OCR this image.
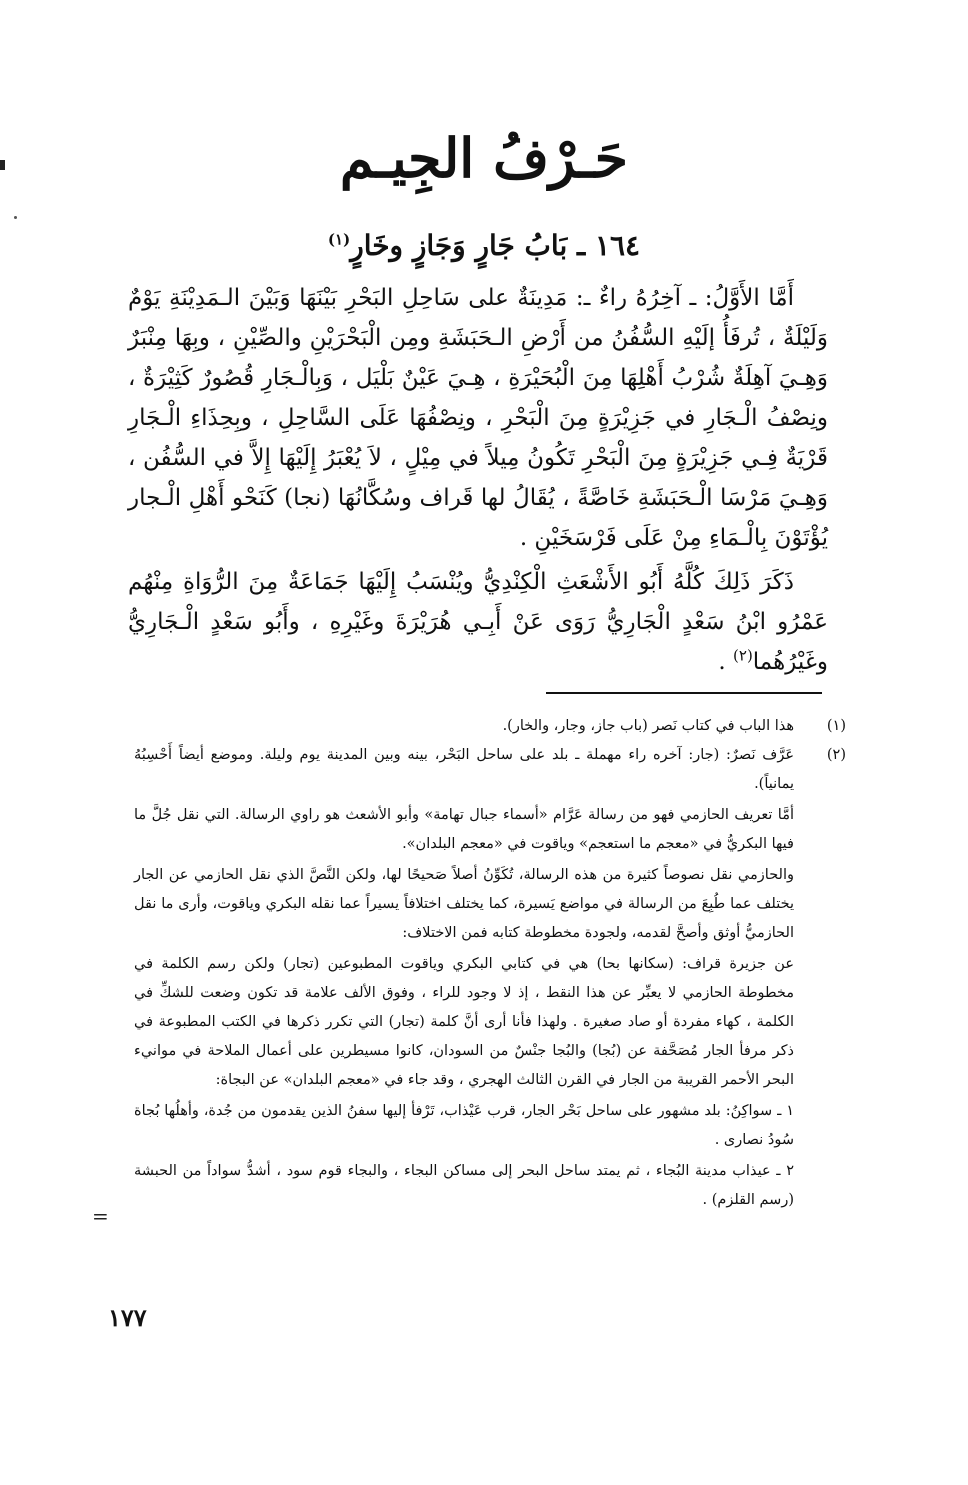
=
حَـرْفُ الجِيـم
١٦٤ ـ بَابُ جَارٍ وَجَازٍ وخَارٍ$^{(١)}$

أَمَّا الأَوَّلُ: ـ آخِرُهُ راءٌ ـ: مَدِينَةٌ على سَاحِلِ البَحْرِ بَيْنَهَا وَبَيْنَ الـمَدِيْنَةِ يَوْمٌ وَلَيْلَةٌ ، تُرفَأُ إلَيْهِ السُّفُنُ من أَرْضِ الـحَبَشَةِ ومِن الْبَحْرَيْنِ والصِّيْنِ ، وبِهَا مِنْبَرٌ وَهِـيَ آهِلَةٌ شُرْبُ أَهْلِهَا مِنَ الْبُحَيْرَةِ ، هِـيَ عَيْنٌ بَلْيَل ، وَبِالْـجَارِ قُصُورٌ كَثِيْرَةٌ ، ونِصْفُ الْـجَارِ في جَزِيْرَةٍ مِنَ الْبَحْرِ ، ونِصْفُهَا عَلَى السَّاحِلِ ، وبِحِذَاءِ الْـجَارِ قَرْيَةٌ فِـي جَزِيْرَةٍ مِنَ الْبَحْرِ تَكُونُ مِيلاً في مِيْلٍ ، لاَ يُعْبَرُ إِلَيْهَا إِلاَّ في السُّفُن ، وَهِـيَ مَرْسَا الْـحَبَشَةِ خَاصَّةً ، يُقَالُ لها قَراف وسُكَّانُهَا (نجا) كَنَحْو أَهْلِ الْـجار يُؤْتَوْنَ بِالْـمَاءِ مِنْ عَلَى فَرْسَخَيْنِ .

ذَكَرَ ذَلِكَ كُلَّهُ أَبُو الأَشْعَثِ الْكِنْدِيُّ ويُنْسَبُ إِلَيْهَا جَمَاعَةٌ مِنَ الرُّوَاةِ مِنْهُم عَمْرُو ابْنُ سَعْدٍ الْجَارِيُّ رَوَى عَنْ أَبِـي هُرَيْرَةَ وغَيْرِهِ ، وأَبُو سَعْدٍ الْـجَارِيُّ وغَيْرُهُما$^{(٢)}$ .

(١)
هذا الباب في كتاب نَصر (باب جاز، وجار، والخار).
(٢)
عَرَّف نَصرٌ: (جار: آخره راء مهملة ـ بلد على ساحل البَحْر، بينه وبين المدينة يوم وليلة. وموضع أيضاً أَحْسِبُهُ يمانياً).

أمَّا تعريف الحازمي فهو من رسالة عَرَّام «أسماء جبال تهامة» وأبو الأشعث هو راوي الرسالة. التي نقل جُلَّ ما فيها البكريُّ في «معجم ما استعجم» وياقوت في «معجم البلدان».

والحازمي نقل نصوصاً كثيرة من هذه الرسالة، تُكَوِّنُ أصلاً صَحيحًا لها، ولكن النَّصَّ الذي نقل الحازمي عن الجار يختلف عما طُبِعَ من الرسالة في مواضع يَسيرة، كما يختلف اختلافاً يسيراً عما نقله البكري وياقوت، وأرى ما نقل الحازميُّ أوثق وأصحَّ لقدمه، ولجودة مخطوطة كتابه فمن الاختلاف:

عن جزيرة قراف: (سكانها بحا) هي في كتابي البكري وياقوت المطبوعين (تجار) ولكن رسم الكلمة في مخطوطة الحازمي لا يعبِّر عن هذا النقط ، إذ لا وجود للراء ، وفوق الألف علامة قد تكون وضعت للشكِّ في الكلمة ، كهاء مفردة أو صاد صغيرة . ولهذا فأنا أرى أنَّ كلمة (تجار) التي تكرر ذكرها في الكتب المطبوعة في ذكر مرفأ الجار مُصَحَّفة عن (بُجا) والبُجا جنْسٌ من السودان، كانوا مسيطرين على أعمال الملاحة في موانيء البحر الأحمر القريبة من الجار في القرن الثالث الهجري ، وقد جاء في «معجم البلدان» عن البجاة:

١ ـ سواكِنُ: بلد مشهور على ساحل بَحْر الجار، قرب عَيْذاب، تَرْفأ إليها سفنُ الذين يقدمون من جُدة، وأهلُها بُجاة سُودُ نصارى .

٢ ـ عيذاب مدينة البُجاء ، ثم يمتد ساحل البحر إلى مساكن البجاء ، والبجاء قوم سود ، أشدُّ سواداً من الحبشة (رسم القلزم) .

١٧٧
